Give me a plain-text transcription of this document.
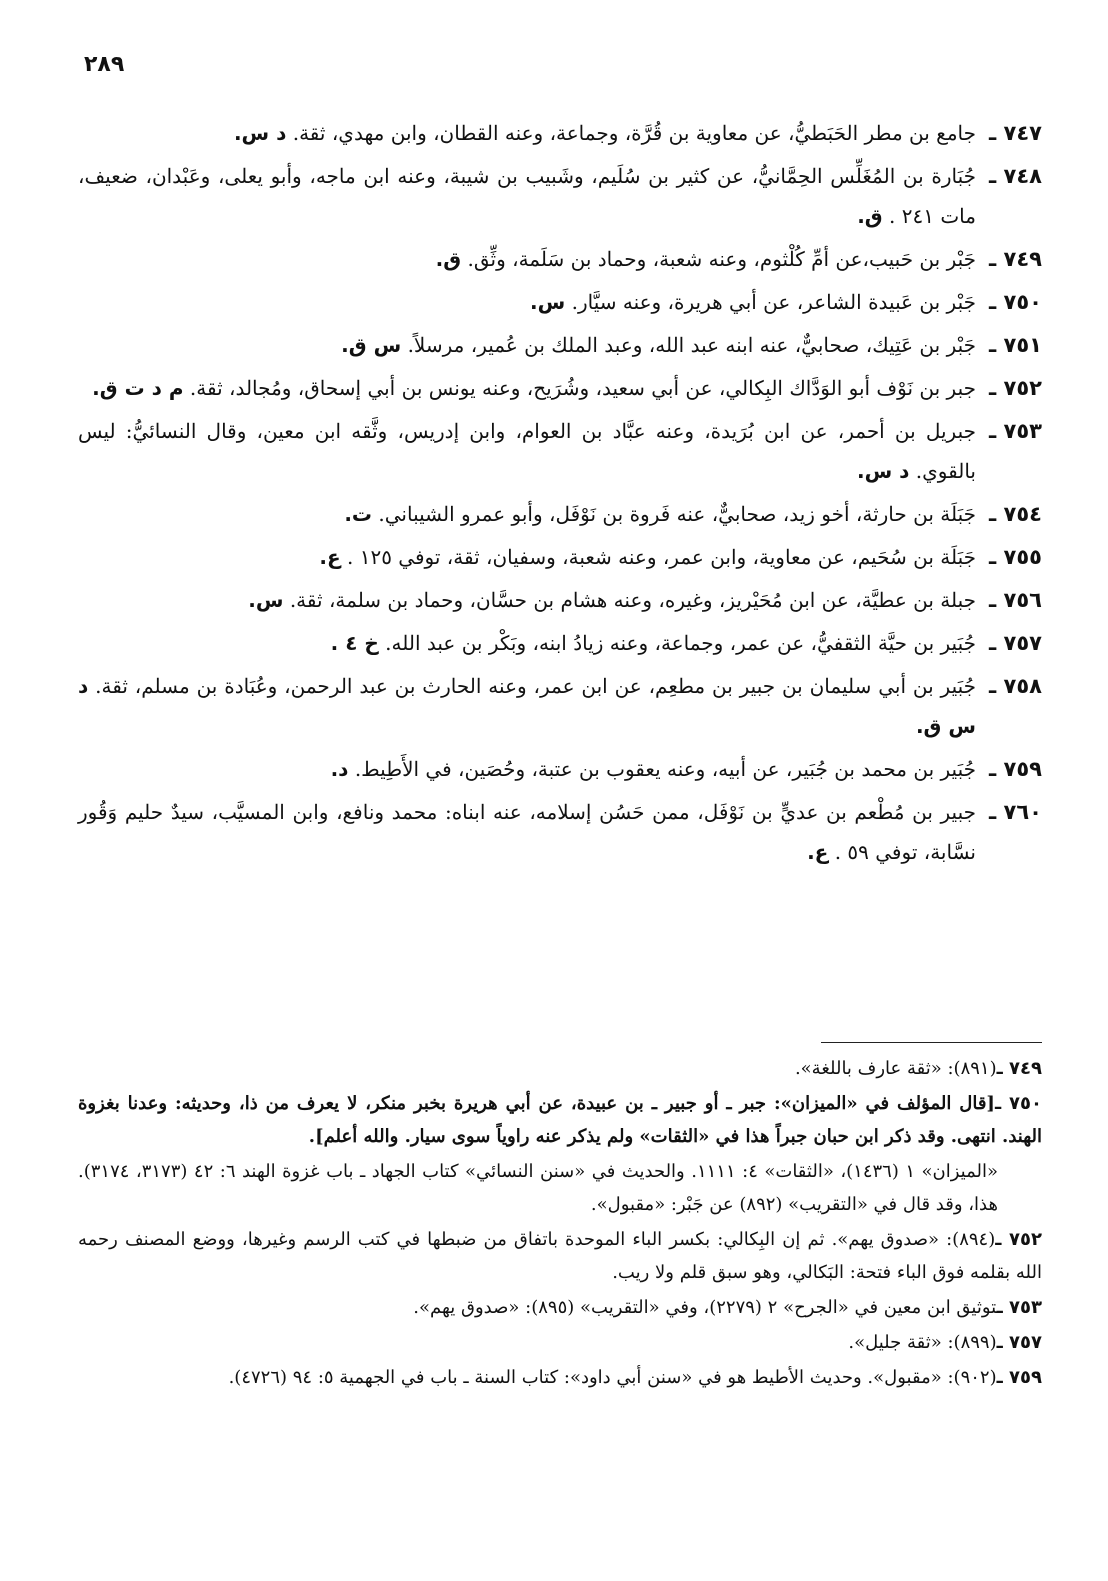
٢٨٩
٧٤٧ ـ
جامع بن مطر الحَبَطيُّ، عن معاوية بن قُرَّة، وجماعة، وعنه القطان، وابن مهدي، ثقة. د س.
٧٤٨ ـ
جُبَارة بن المُغَلِّس الحِمَّانيُّ، عن كثير بن سُلَيم، وشَبيب بن شيبة، وعنه ابن ماجه، وأبو يعلى، وعَبْدان، ضعيف، مات ٢٤١ . ق.
٧٤٩ ـ
جَبْر بن حَبيب،عن أمِّ كُلْثوم، وعنه شعبة، وحماد بن سَلَمة، وثِّق. ق.
٧٥٠ ـ
جَبْر بن عَبيدة الشاعر، عن أبي هريرة، وعنه سيَّار. س.
٧٥١ ـ
جَبْر بن عَتِيك، صحابيٌّ، عنه ابنه عبد الله، وعبد الملك بن عُمير، مرسلاً. س ق.
٧٥٢ ـ
جبر بن نَوْف أبو الوَدَّاك البِكالي، عن أبي سعيد، وشُرَيح، وعنه يونس بن أبي إسحاق، ومُجالد، ثقة. م د ت ق.
٧٥٣ ـ
جبريل بن أحمر، عن ابن بُرَيدة، وعنه عبَّاد بن العوام، وابن إدريس، وثَّقه ابن معين، وقال النسائيُّ: ليس بالقوي. د س.
٧٥٤ ـ
جَبَلَة بن حارثة، أخو زيد، صحابيٌّ، عنه فَروة بن نَوْفَل، وأبو عمرو الشيباني. ت.
٧٥٥ ـ
جَبَلَة بن سُحَيم، عن معاوية، وابن عمر، وعنه شعبة، وسفيان، ثقة، توفي ١٢٥ . ع.
٧٥٦ ـ
جبلة بن عطيَّة، عن ابن مُحَيْريز، وغيره، وعنه هشام بن حسَّان، وحماد بن سلمة، ثقة. س.
٧٥٧ ـ
جُبَير بن حيَّة الثقفيُّ، عن عمر، وجماعة، وعنه زيادُ ابنه، وبَكْر بن عبد الله. خ ٤ .
٧٥٨ ـ
جُبَير بن أبي سليمان بن جبير بن مطعِم، عن ابن عمر، وعنه الحارث بن عبد الرحمن، وعُبَادة بن مسلم، ثقة. د س ق.
٧٥٩ ـ
جُبَير بن محمد بن جُبَير، عن أبيه، وعنه يعقوب بن عتبة، وحُصَين، في الأَطِيط. د.
٧٦٠ ـ
جبير بن مُطْعم بن عديٍّ بن نَوْفَل، ممن حَسُن إسلامه، عنه ابناه: محمد ونافع، وابن المسيَّب، سيدٌ حليم وَقُور نسَّابة، توفي ٥٩ . ع.
٧٤٩ ـ(٨٩١): «ثقة عارف باللغة».
٧٥٠ ـ[قال المؤلف في «الميزان»: جبر ـ أو جبير ـ بن عبيدة، عن أبي هريرة بخبر منكر، لا يعرف من ذا، وحديثه: وعدنا بغزوة الهند. انتهى. وقد ذكر ابن حبان جبراً هذا في «الثقات» ولم يذكر عنه راوياً سوى سيار. والله أعلم].
«الميزان» ١ (١٤٣٦)، «الثقات» ٤: ١١١١. والحديث في «سنن النسائي» كتاب الجهاد ـ باب غزوة الهند ٦: ٤٢ (٣١٧٣، ٣١٧٤). هذا، وقد قال في «التقريب» (٨٩٢) عن جَبْر: «مقبول».
٧٥٢ ـ(٨٩٤): «صدوق يهم». ثم إن البِكالي: بكسر الباء الموحدة باتفاق من ضبطها في كتب الرسم وغيرها، ووضع المصنف رحمه الله بقلمه فوق الباء فتحة: البَكالي، وهو سبق قلم ولا ريب.
٧٥٣ ـتوثيق ابن معين في «الجرح» ٢ (٢٢٧٩)، وفي «التقريب» (٨٩٥): «صدوق يهم».
٧٥٧ ـ(٨٩٩): «ثقة جليل».
٧٥٩ ـ(٩٠٢): «مقبول». وحديث الأطيط هو في «سنن أبي داود»: كتاب السنة ـ باب في الجهمية ٥: ٩٤ (٤٧٢٦).
